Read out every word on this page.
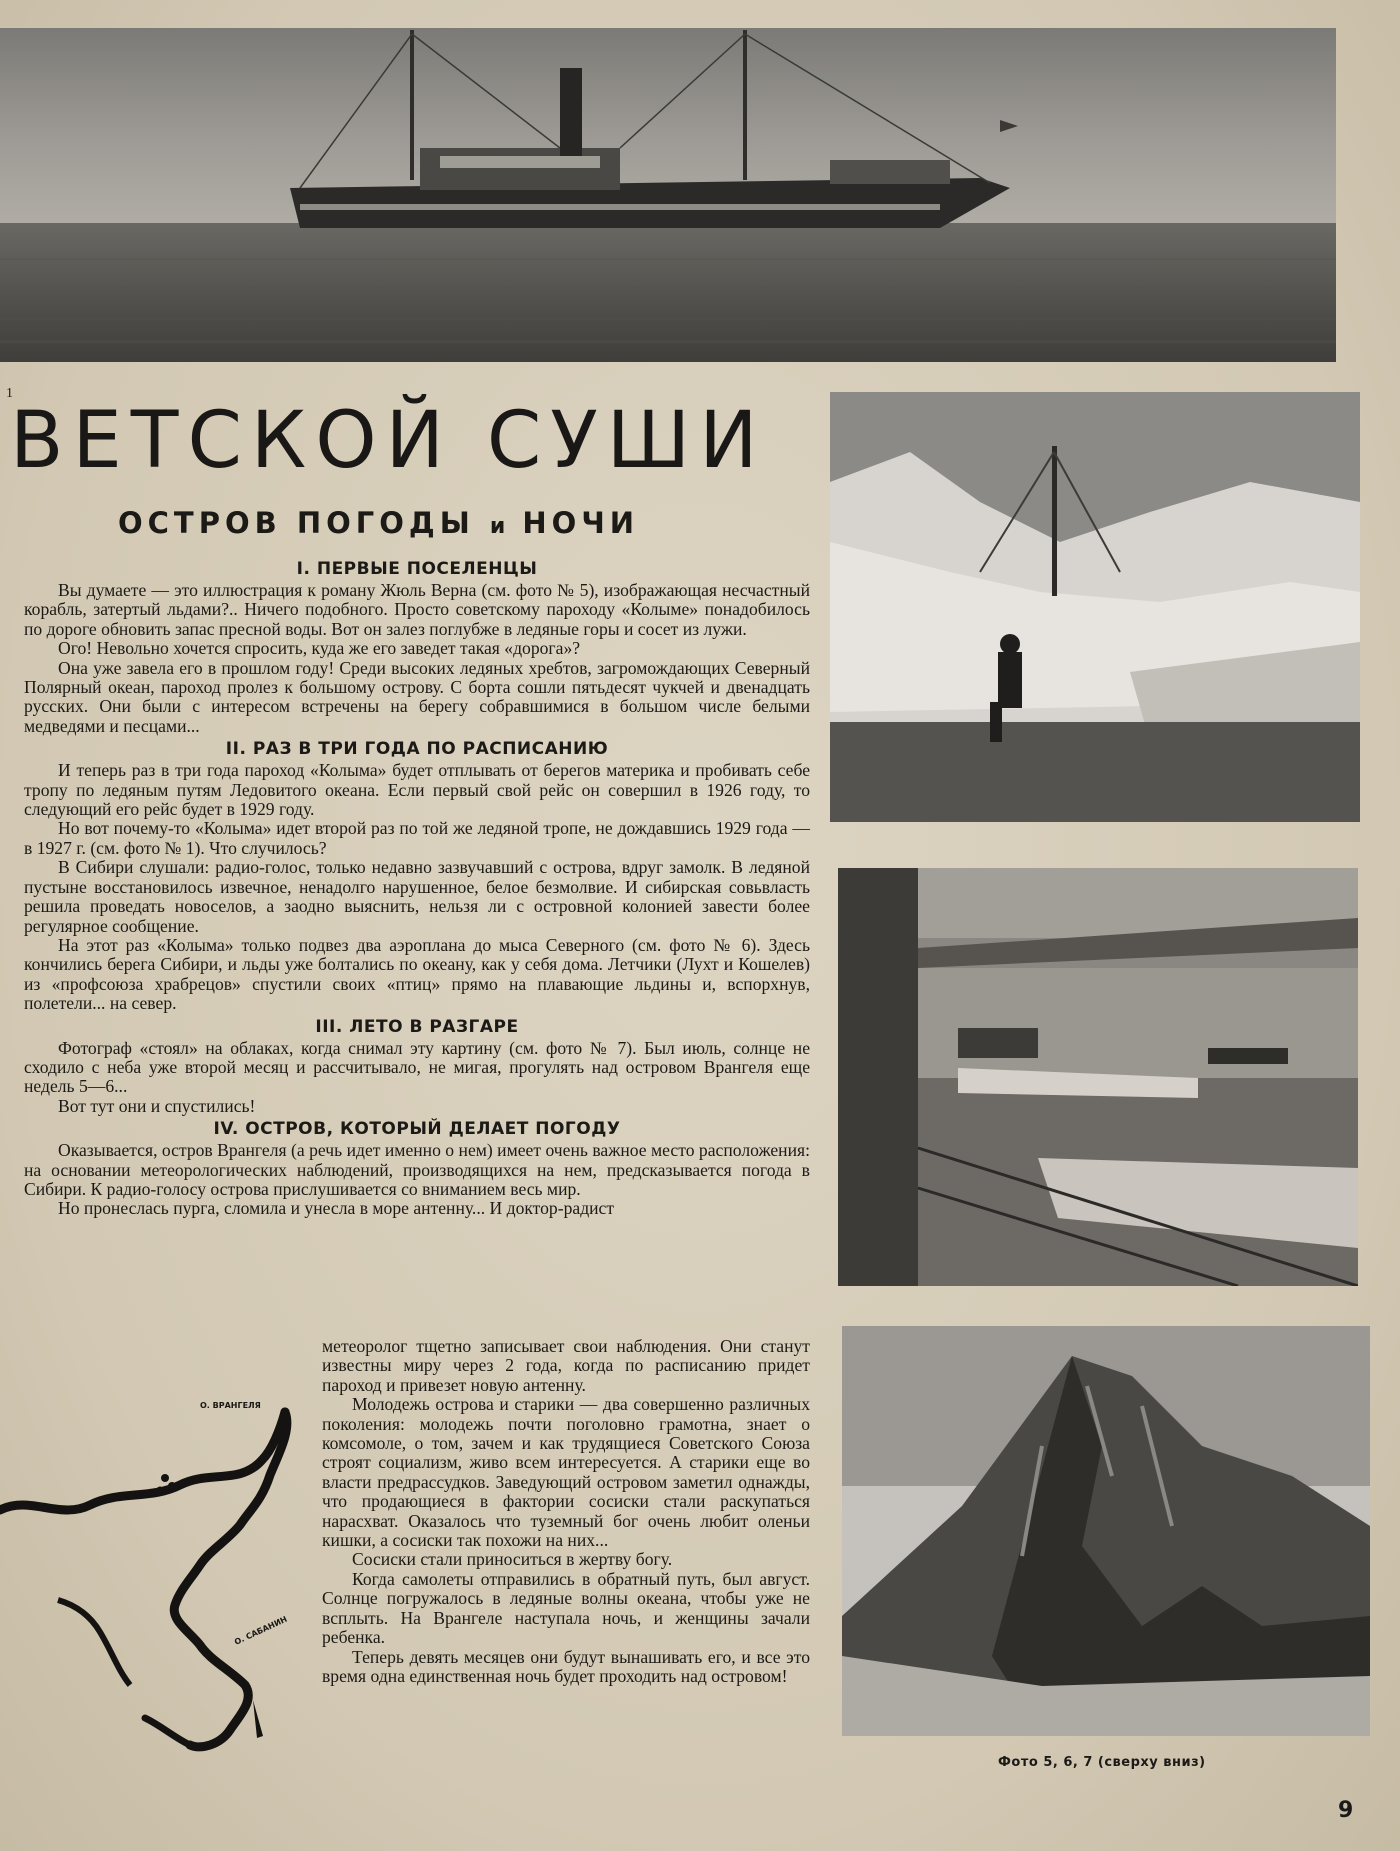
1
ВЕТСКОЙ СУШИ
ОСТРОВ ПОГОДЫ и НОЧИ
I. ПЕРВЫЕ ПОСЕЛЕНЦЫ

Вы думаете — это иллюстрация к роману Жюль Верна (см. фото № 5), изображающая несчастный корабль, затертый льдами?.. Ничего подобного. Просто советскому пароходу «Колыме» понадобилось по дороге обновить запас пресной воды. Вот он залез поглубже в ледяные горы и сосет из лужи.

Ого! Невольно хочется спросить, куда же его заведет такая «дорога»?

Она уже завела его в прошлом году! Среди высоких ледяных хребтов, загромождающих Северный Полярный океан, пароход пролез к большому острову. С борта сошли пятьдесят чукчей и двенадцать русских. Они были с интересом встречены на берегу собравшимися в большом числе белыми медведями и песцами...

II. РАЗ В ТРИ ГОДА ПО РАСПИСАНИЮ

И теперь раз в три года пароход «Колыма» будет отплывать от берегов материка и пробивать себе тропу по ледяным путям Ледовитого океана. Если первый свой рейс он совершил в 1926 году, то следующий его рейс будет в 1929 году.

Но вот почему-то «Колыма» идет второй раз по той же ледяной тропе, не дождавшись 1929 года — в 1927 г. (см. фото № 1). Что случилось?

В Сибири слушали: радио-голос, только недавно зазвучавший с острова, вдруг замолк. В ледяной пустыне восстановилось извечное, ненадолго нарушенное, белое безмолвие. И сибирская совьвласть решила проведать новоселов, а заодно выяснить, нельзя ли с островной колонией завести более регулярное сообщение.

На этот раз «Колыма» только подвез два аэроплана до мыса Северного (см. фото № 6). Здесь кончились берега Сибири, и льды уже болтались по океану, как у себя дома. Летчики (Лухт и Кошелев) из «профсоюза храбрецов» спустили своих «птиц» прямо на плавающие льдины и, вспорхнув, полетели... на север.

III. ЛЕТО В РАЗГАРЕ

Фотограф «стоял» на облаках, когда снимал эту картину (см. фото № 7). Был июль, солнце не сходило с неба уже второй месяц и рассчитывало, не мигая, прогулять над островом Врангеля еще недель 5—6...

Вот тут они и спустились!

IV. ОСТРОВ, КОТОРЫЙ ДЕЛАЕТ ПОГОДУ

Оказывается, остров Врангеля (а речь идет именно о нем) имеет очень важное место расположения: на основании метеорологических наблюдений, производящихся на нем, предсказывается погода в Сибири. К радио-голосу острова прислушивается со вниманием весь мир.

Но пронеслась пурга, сломила и унесла в море антенну... И доктор-радист

метеоролог тщетно записывает свои наблюдения. Они станут известны миру через 2 года, когда по расписанию придет пароход и привезет новую антенну.

Молодежь острова и старики — два совершенно различных поколения: молодежь почти поголовно грамотна, знает о комсомоле, о том, зачем и как трудящиеся Советского Союза строят социализм, живо всем интересуется. А старики еще во власти предрассудков. Заведующий островом заметил однажды, что продающиеся в фактории сосиски стали раскупаться нарасхват. Оказалось что туземный бог очень любит оленьи кишки, а сосиски так похожи на них...

Сосиски стали приноситься в жертву богу.

Когда самолеты отправились в обратный путь, был август. Солнце погружалось в ледяные волны океана, чтобы уже не всплыть. На Врангеле наступала ночь, и женщины зачали ребенка.

Теперь девять месяцев они будут вынашивать его, и все это время одна единственная ночь будет проходить над островом!

О. ВРАНГЕЛЯ
О. САБАНИН
Фото 5, 6, 7 (сверху вниз)
9
